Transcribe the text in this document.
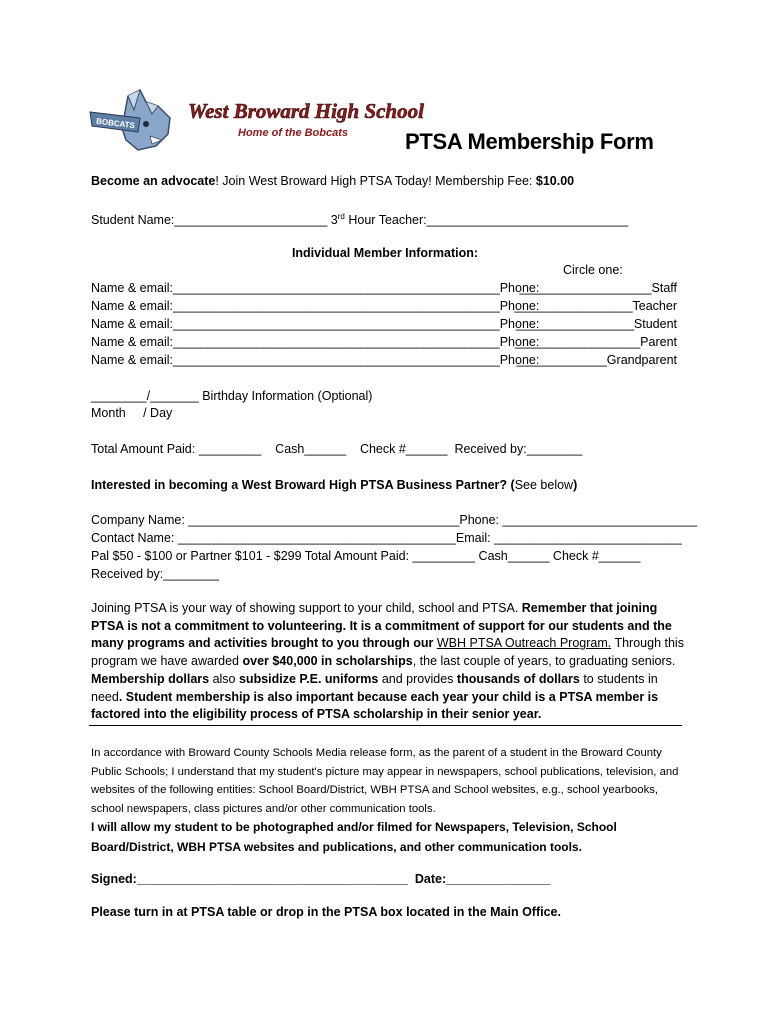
BOBCATS
West Broward High School
Home of the Bobcats	PTSA Membership Form
Become an advocate! Join West Broward High PTSA Today! Membership Fee: $10.00
Student Name:______________________ 3rd Hour Teacher:_____________________________
Individual Member Information:
Circle one:
Name & email:_______________________________________________Phone:
___________________Staff
Name & email:_______________________________________________Phone:
_________________Teacher
Name & email:_______________________________________________Phone:
_________________Student
Name & email:_______________________________________________Phone:
__________________Parent
Name & email:_______________________________________________Phone:
_____________Grandparent
________/_______ Birthday Information (Optional)
Month     / Day
Total Amount Paid: _________    Cash______    Check #______  Received by:________
Interested in becoming a West Broward High PTSA Business Partner? (See below)
Company Name: _______________________________________Phone: ____________________________
Contact Name: ________________________________________Email: ___________________________
Pal $50 - $100 or Partner $101 - $299 Total Amount Paid: _________ Cash______ Check #______
Received by:________
Joining PTSA is your way of showing support to your child, school and PTSA. Remember that joining PTSA is not a commitment to volunteering. It is a commitment of support for our students and the many programs and activities brought to you through our WBH PTSA Outreach Program. Through this program we have awarded over $40,000 in scholarships, the last couple of years, to graduating seniors. Membership dollars also subsidize P.E. uniforms and provides thousands of dollars to students in need. Student membership is also important because each year your child is a PTSA member is factored into the eligibility process of PTSA scholarship in their senior year.
In accordance with Broward County Schools Media release form, as the parent of a student in the Broward County Public Schools; I understand that my student's picture may appear in newspapers, school publications, television, and websites of the following entities: School Board/District, WBH PTSA and School websites, e.g., school yearbooks, school newspapers, class pictures and/or other communication tools.
I will allow my student to be photographed and/or filmed for Newspapers, Television, School Board/District, WBH PTSA websites and publications, and other communication tools.
Signed:_______________________________________  Date:_______________
Please turn in at PTSA table or drop in the PTSA box located in the Main Office.
